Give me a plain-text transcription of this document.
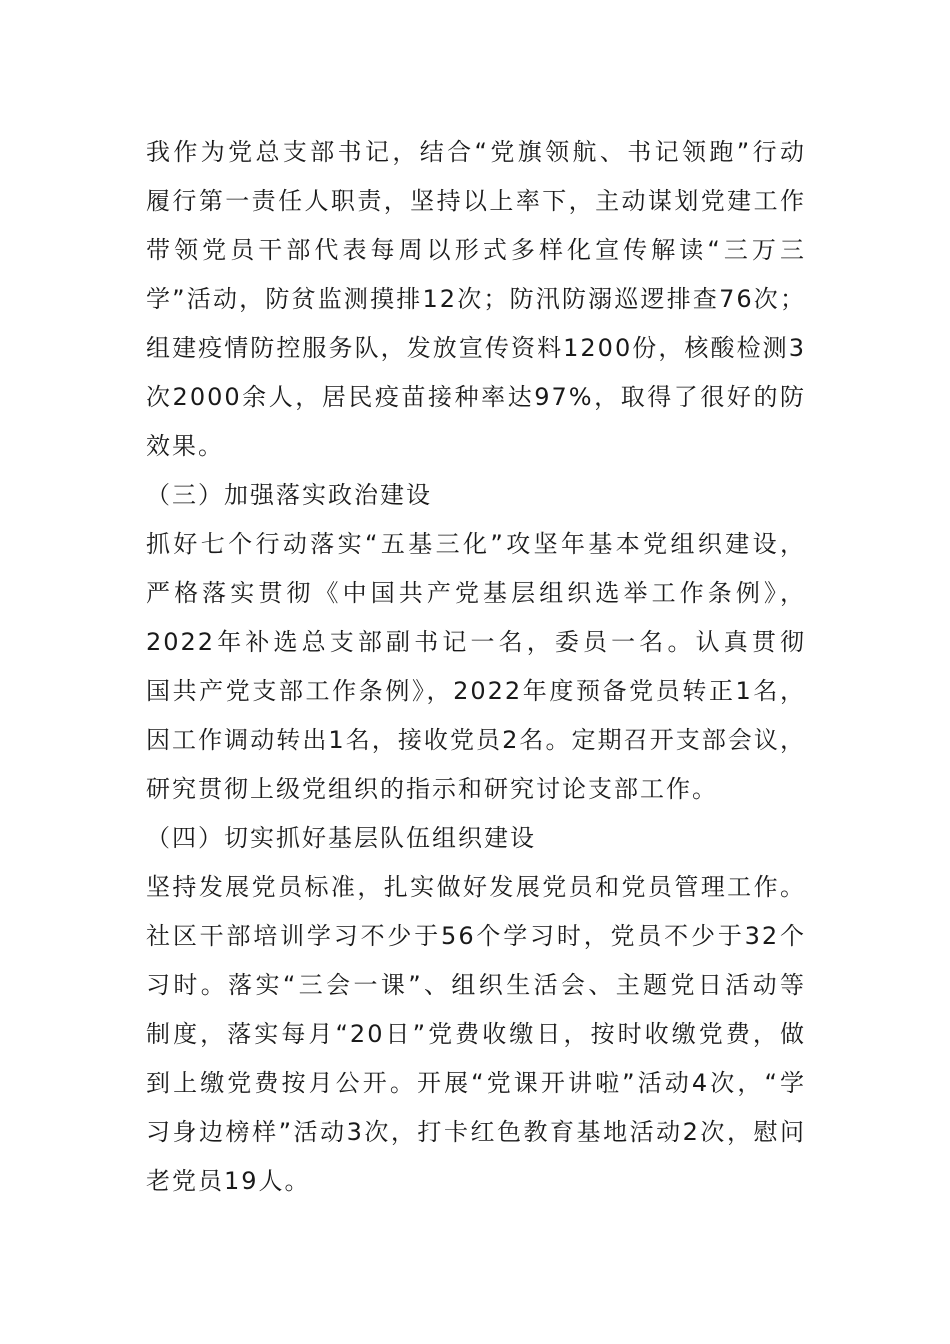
我作为党总支部书记，结合“党旗领航、书记领跑”行动
履行第一责任人职责，坚持以上率下，主动谋划党建工作
带领党员干部代表每周以形式多样化宣传解读“三万三
学”活动，防贫监测摸排12次；防汛防溺巡逻排查76次；
组建疫情防控服务队，发放宣传资料1200份，核酸检测3
次2000余人，居民疫苗接种率达97%，取得了很好的防
效果。
（三）加强落实政治建设
抓好七个行动落实“五基三化”攻坚年基本党组织建设，
严格落实贯彻《中国共产党基层组织选举工作条例》，
2022年补选总支部副书记一名，委员一名。认真贯彻
国共产党支部工作条例》，2022年度预备党员转正1名，
因工作调动转出1名，接收党员2名。定期召开支部会议，
研究贯彻上级党组织的指示和研究讨论支部工作。
（四）切实抓好基层队伍组织建设
坚持发展党员标准，扎实做好发展党员和党员管理工作。
社区干部培训学习不少于56个学习时，党员不少于32个
习时。落实“三会一课”、组织生活会、主题党日活动等
制度，落实每月“20日”党费收缴日，按时收缴党费，做
到上缴党费按月公开。开展“党课开讲啦”活动4次，“学
习身边榜样”活动3次，打卡红色教育基地活动2次，慰问
老党员19人。
